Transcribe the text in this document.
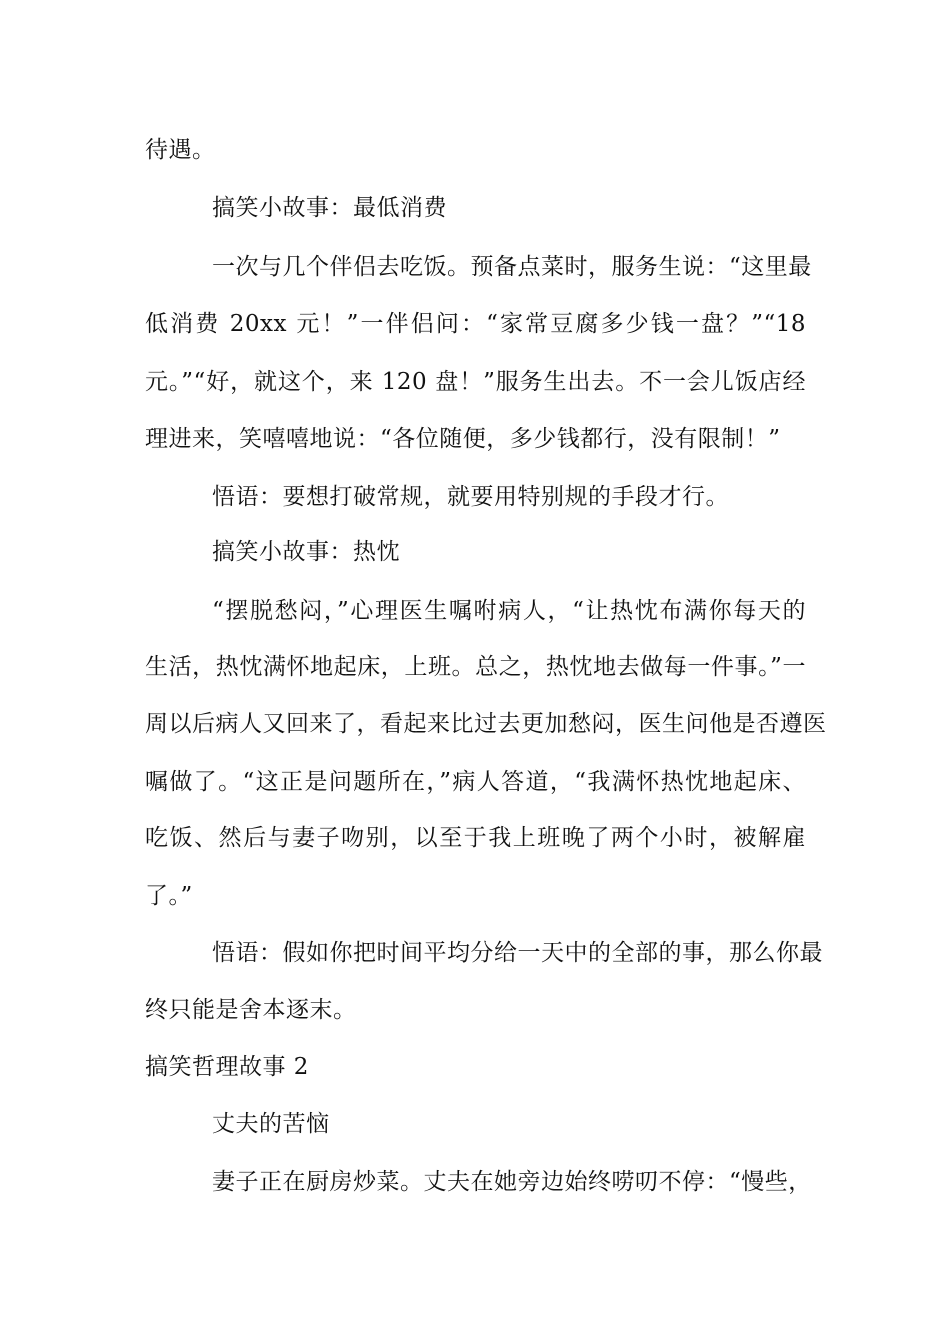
待遇。
搞笑小故事：最低消费
一次与几个伴侣去吃饭。预备点菜时，服务生说：“这里最
低消费 20xx 元！”一伴侣问：“家常豆腐多少钱一盘？”“18
元。”“好，就这个，来 120 盘！”服务生出去。不一会儿饭店经
理进来，笑嘻嘻地说：“各位随便，多少钱都行，没有限制！”
悟语：要想打破常规，就要用特别规的手段才行。
搞笑小故事：热忱
“摆脱愁闷，”心理医生嘱咐病人，“让热忱布满你每天的
生活，热忱满怀地起床，上班。总之，热忱地去做每一件事。”一
周以后病人又回来了，看起来比过去更加愁闷，医生问他是否遵医
嘱做了。“这正是问题所在，”病人答道，“我满怀热忱地起床、
吃饭、然后与妻子吻别，以至于我上班晚了两个小时，被解雇
了。”
悟语：假如你把时间平均分给一天中的全部的事，那么你最
终只能是舍本逐末。
搞笑哲理故事 2
丈夫的苦恼
妻子正在厨房炒菜。丈夫在她旁边始终唠叨不停：“慢些，
